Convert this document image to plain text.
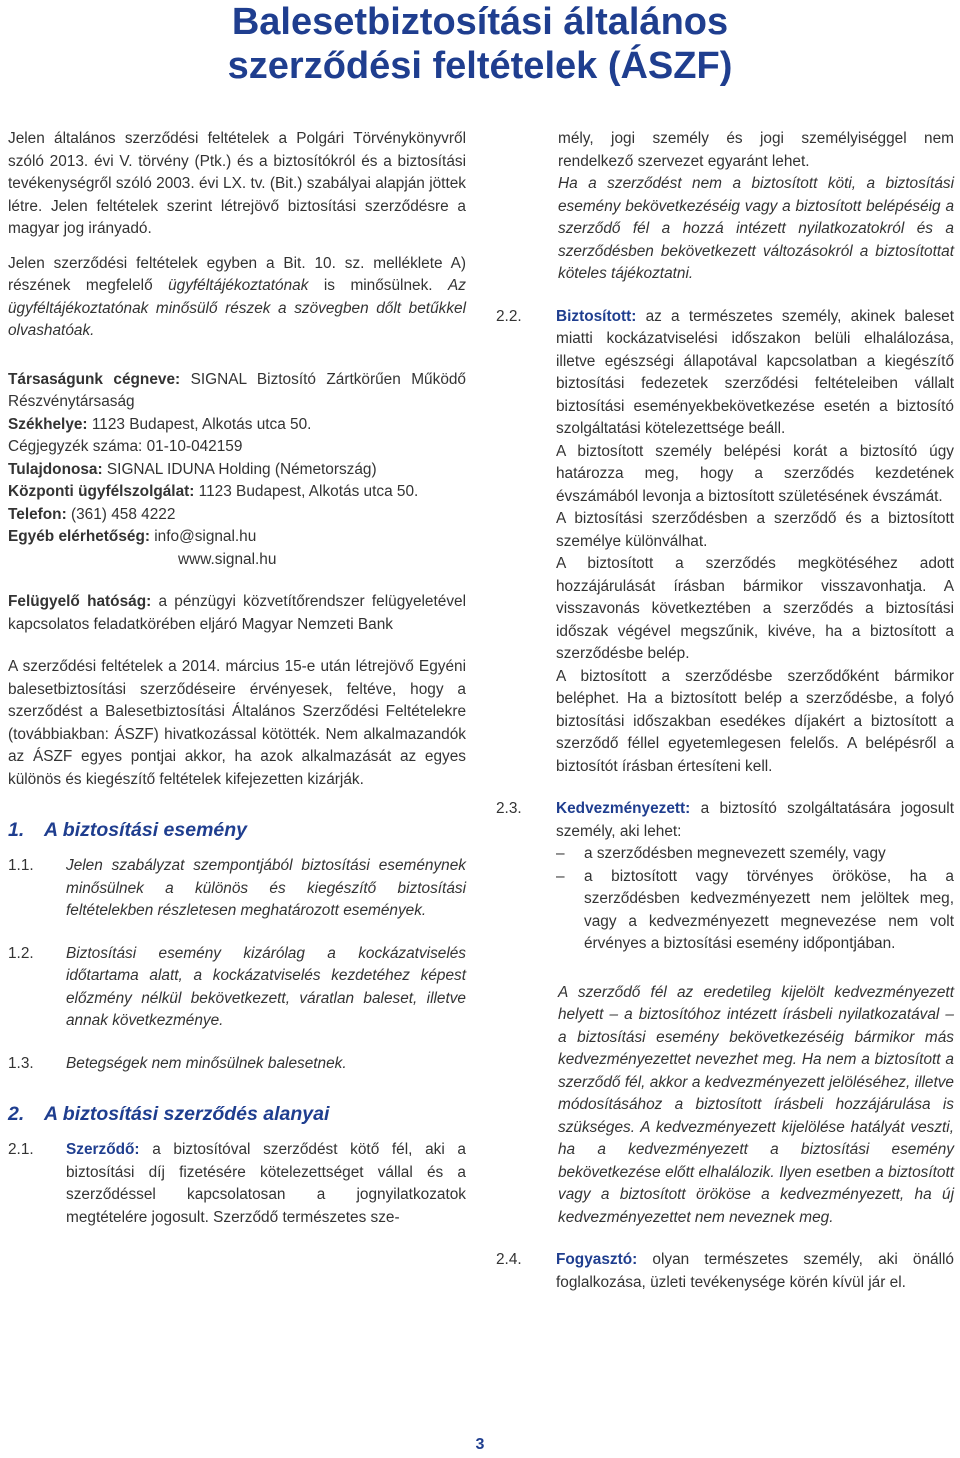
Balesetbiztosítási általános
szerződési feltételek (ÁSZF)

Jelen általános szerződési feltételek a Polgári Törvénykönyvről szóló 2013. évi V. törvény (Ptk.) és a biztosítókról és a biztosítási tevékenységről szóló 2003. évi LX. tv. (Bit.) szabályai alapján jöttek létre. Jelen feltételek szerint létrejövő biztosítási szerződésre a magyar jog irányadó.

Jelen szerződési feltételek egyben a Bit. 10. sz. melléklete A) részének megfelelő ügyféltájékoztatónak is minősülnek. Az ügyféltájékoztatónak minősülő részek a szövegben dőlt betűkkel olvashatóak.

Társaságunk cégneve: SIGNAL Biztosító Zártkörűen Működő Részvénytársaság

Székhelye: 1123 Budapest, Alkotás utca 50.

Cégjegyzék száma: 01-10-042159

Tulajdonosa: SIGNAL IDUNA Holding (Németország)

Központi ügyfélszolgálat: 1123 Budapest, Alkotás utca 50.

Telefon: (361) 458 4222

Egyéb elérhetőség: info@signal.hu

www.signal.hu

Felügyelő hatóság: a pénzügyi közvetítőrendszer felügyeletével kapcsolatos feladatkörében eljáró Magyar Nemzeti Bank

A szerződési feltételek a 2014. március 15-e után létrejövő Egyéni balesetbiztosítási szerződéseire érvényesek, feltéve, hogy a szerződést a Balesetbiztosítási Általános Szerződési Feltételekre (továbbiakban: ÁSZF) hivatkozással kötötték. Nem alkalmazandók az ÁSZF egyes pontjai akkor, ha azok alkalmazását az egyes különös és kiegészítő feltételek kifejezetten kizárják.

1.	A biztosítási esemény
1.1.	Jelen szabályzat szempontjából biztosítási eseménynek minősülnek a különös és kiegészítő biztosítási feltételekben részletesen meghatározott események.

1.2.	Biztosítási esemény kizárólag a kockázatviselés időtartama alatt, a kockázatviselés kezdetéhez képest előzmény nélkül bekövetkezett, váratlan baleset, illetve annak következménye.

1.3.	Betegségek nem minősülnek balesetnek.

2.	A biztosítási szerződés alanyai
2.1.	Szerződő: a biztosítóval szerződést kötő fél, aki a biztosítási díj fizetésére kötelezettséget vállal és a szerződéssel kapcsolatosan a jognyilatkozatok megtételére jogosult. Szerződő természetes sze-

mély, jogi személy és jogi személyiséggel nem rendelkező szervezet egyaránt lehet.

Ha a szerződést nem a biztosított köti, a biztosítási esemény bekövetkezéséig vagy a biztosított belépéséig a szerződő fél a hozzá intézett nyilatkozatokról és a szerződésben bekövetkezett változásokról a biztosítottat köteles tájékoztatni.

2.2.	Biztosított: az a természetes személy, akinek baleset miatti kockázatviselési időszakon belüli elhalálozása, illetve egészségi állapotával kapcsolatban a kiegészítő biztosítási fedezetek szerződési feltételeiben vállalt biztosítási eseményekbekövetkezése esetén a biztosító szolgáltatási kötelezettsége beáll.

A biztosított személy belépési korát a biztosító úgy határozza meg, hogy a szerződés kezdetének évszámából levonja a biztosított születésének évszámát.

A biztosítási szerződésben a szerződő és a biztosított személye különválhat.

A biztosított a szerződés megkötéséhez adott hozzájárulását írásban bármikor visszavonhatja. A visszavonás következtében a szerződés a biztosítási időszak végével megszűnik, kivéve, ha a biztosított a szerződésbe belép.

A biztosított a szerződésbe szerződőként bármikor beléphet. Ha a biztosított belép a szerződésbe, a folyó biztosítási időszakban esedékes díjakért a biztosított a szerződő féllel egyetemlegesen felelős. A belépésről a biztosítót írásban értesíteni kell.

2.3.	Kedvezményezett: a biztosító szolgáltatására jogosult személy, aki lehet:

–	a szerződésben megnevezett személy, vagy
–	a biztosított vagy törvényes örököse, ha a szerződésben kedvezményezett nem jelöltek meg, vagy a kedvezményezett megnevezése nem volt érvényes a biztosítási esemény időpontjában.

A szerződő fél az eredetileg kijelölt kedvezményezett helyett – a biztosítóhoz intézett írásbeli nyilatkozatával – a biztosítási esemény bekövetkezéséig bármikor más kedvezményezettet nevezhet meg. Ha nem a biztosított a szerződő fél, akkor a kedvezményezett jelöléséhez, illetve módosításához a biztosított írásbeli hozzájárulása is szükséges. A kedvezményezett kijelölése hatályát veszti, ha a kedvezményezett a biztosítási esemény bekövetkezése előtt elhalálozik. Ilyen esetben a biztosított vagy a biztosított örököse a kedvezményezett, ha új kedvezményezettet nem neveznek meg.

2.4.	Fogyasztó: olyan természetes személy, aki önálló foglalkozása, üzleti tevékenysége körén kívül jár el.

3
